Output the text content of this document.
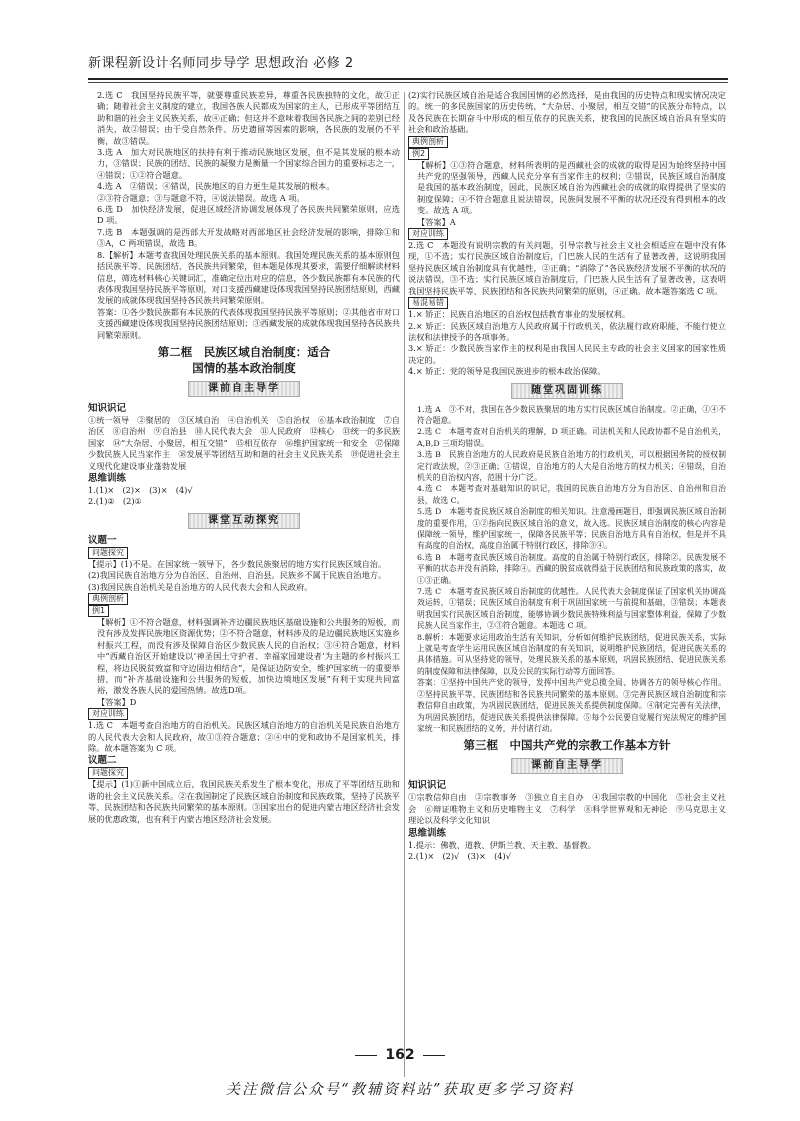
新课程新设计名师同步导学 思想政治 必修 2

2.选 C　我国坚持民族平等，就要尊重民族差异，尊重各民族独特的文化，故①正确；随着社会主义制度的建立，我国各族人民都成为国家的主人，已形成平等团结互助和谐的社会主义民族关系，故④正确；但这并不意味着我国各民族之间的差别已经消失，故②错误；由于受自然条件、历史遗留等因素的影响，各民族的发展仍不平衡，故③错误。

3.选 A　加大对民族地区的扶持有利于推动民族地区发展，但不是其发展的根本动力，③错误；民族的团结、民族的凝聚力是衡量一个国家综合国力的重要标志之一，④错误；①②符合题意。

4.选 A　②错误；④错误，民族地区的自力更生是其发展的根本。

②③符合题意；③与题意不符，④说法错误。故选 A 项。

6.选 D　加快经济发展，促进区域经济协调发展体现了各民族共同繁荣原则，应选 D 项。

7.选 B　本题强调的是西部大开发战略对西部地区社会经济发展的影响，排除①和③A，C 两项错误，故选 B。

8.【解析】本题考查我国处理民族关系的基本原则。我国处理民族关系的基本原则包括民族平等、民族团结、各民族共同繁荣，但本题是体现其要求，需要仔细解读材料信息，筛选材料核心关键词汇，准确定位出对应的信息，各少数民族都有本民族的代表体现我国坚持民族平等原则，对口支援西藏建设体现我国坚持民族团结原则，西藏发展的成就体现我国坚持各民族共同繁荣原则。

答案：①各少数民族都有本民族的代表体现我国坚持民族平等原则；②其他省市对口支援西藏建设体现我国坚持民族团结原则；③西藏发展的成就体现我国坚持各民族共同繁荣原则。

第二框　民族区域自治制度：适合
国情的基本政治制度
课前自主导学
知识识记

①统一领导　②聚居的　③区域自治　④自治机关　⑤自治权　⑥基本政治制度　⑦自治区　⑧自治州　⑨自治县　⑩人民代表大会　⑪人民政府　⑫核心　⑬统一的多民族国家　⑭“大杂居、小聚居，相互交错”　⑮相互依存　⑯维护国家统一和安全　⑰保障少数民族人民当家作主　⑱发展平等团结互助和谐的社会主义民族关系　⑲促进社会主义现代化建设事业蓬勃发展

思维训练

1.(1)×　(2)×　(3)×　(4)√
2.(1)②　(2)①

课堂互动探究
议题一
问题探究

【提示】(1)不是。在国家统一领导下，各少数民族聚居的地方实行民族区域自治。

(2)我国民族自治地方分为自治区、自治州、自治县。民族乡不属于民族自治地方。

(3)我国民族自治机关是自治地方的人民代表大会和人民政府。

典例剖析
例1

【解析】①不符合题意，材料强调补齐边疆民族地区基础设施和公共服务的短板，而没有涉及发挥民族地区资源优势；②不符合题意，材料涉及的是边疆民族地区实施乡村振兴工程，而没有涉及保障自治区少数民族人民的自治权；③④符合题意，材料中“西藏自治区开始建设以‘神圣国土守护者、幸福家园建设者’为主题的乡村振兴工程，将边民脱贫致富和守边固边相结合”，是保证边防安全，维护国家统一的重要举措，而“补齐基础设施和公共服务的短板，加快边境地区发展”有利于实现共同富裕，激发各族人民的爱国热情。故选D项。

【答案】D

对应训练

1.选 C　本题考查自治地方的自治机关。民族区域自治地方的自治机关是民族自治地方的人民代表大会和人民政府，故①③符合题意；②④中的党和政协不是国家机关，排除。故本题答案为 C 项。

议题二
问题探究

【提示】(1)①新中国成立后，我国民族关系发生了根本变化，形成了平等团结互助和谐的社会主义民族关系。②在我国制定了民族区域自治制度和民族政策，坚持了民族平等、民族团结和各民族共同繁荣的基本原则。③国家出台的促进内蒙古地区经济社会发展的优惠政策，也有利于内蒙古地区经济社会发展。

(2)实行民族区域自治是适合我国国情的必然选择，是由我国的历史特点和现实情况决定的。统一的多民族国家的历史传统，“大杂居、小聚居，相互交错”的民族分布特点，以及各民族在长期奋斗中形成的相互依存的民族关系，使我国的民族区域自治具有坚实的社会和政治基础。

典例剖析
例2

【解析】①③符合题意，材料所表明的是西藏社会的成就的取得是因为始终坚持中国共产党的坚强领导，西藏人民充分享有当家作主的权利；②错误，民族区域自治制度是我国的基本政治制度，因此，民族区域自治为西藏社会的成就的取得提供了坚实的制度保障；④不符合题意且说法错误，民族间发展不平衡的状况还没有得到根本的改变。故选 A 项。

【答案】A

对应训练

2.选 C　本题没有说明宗教的有关问题，引导宗教与社会主义社会相适应在题中没有体现，①不选；实行民族区域自治制度后，门巴族人民的生活有了显著改善，这说明我国坚持民族区域自治制度具有优越性，②正确；“消除了”各民族经济发展不平衡的状况的说法错误，③不选；实行民族区域自治制度后，门巴族人民生活有了显著改善，这表明我国坚持民族平等、民族团结和各民族共同繁荣的原则，④正确。故本题答案选 C 项。

易混易错

1.× 矫正：民族自治地区的自治权包括教育事业的发展权利。

2.× 矫正：民族区域自治地方人民政府属于行政机关，依法履行政府职能，不能行使立法权和法律授予的各项事务。

3.× 矫正：少数民族当家作主的权利是由我国人民民主专政的社会主义国家的国家性质决定的。

4.× 矫正：党的领导是我国民族进步的根本政治保障。

随堂巩固训练

1.选 A　③不对，我国在各少数民族聚居的地方实行民族区域自治制度。②正确，①④不符合题意。

2.选 C　本题考查对自治机关的理解，D 项正确。司法机关和人民政协都不是自治机关，A,B,D 三项均错误。

3.选 B　民族自治地方的人民政府是民族自治地方的行政机关，可以根据国务院的授权制定行政法规，②③正确；①错误，自治地方的人大是自治地方的权力机关；④错误，自治机关的自治权内容，范围十分广泛。

4.选 C　本题考查对基础知识的识记，我国的民族自治地方分为自治区、自治州和自治县，故选 C。

5.选 D　本题考查民族区域自治制度的相关知识。注意漫画题目，即强调民族区域自治制度的重要作用，①②指向民族区域自治的意义，故入选。民族区域自治制度的核心内容是保障统一领导，维护国家统一，保障各民族平等；民族自治地方具有自治权，但是并不具有高度的自治权，高度自治属于特别行政区，排除③④。

6.选 B　本题考查民族区域自治制度。高度的自治属于特别行政区，排除②。民族发展不平衡的状态并没有消除，排除④。西藏的脱贫成就得益于民族团结和民族政策的落实，故①③正确。

7.选 C　本题考查民族区域自治制度的优越性。人民代表大会制度保证了国家机关协调高效运转，①错误；民族区域自治制度有利于巩固国家统一与前提和基础，③错误；本题表明我国实行民族区域自治制度，能够协调少数民族特殊利益与国家整体利益，保障了少数民族人民当家作主，②③符合题意。本题选 C 项。

8.解析：本题要求运用政治生活有关知识，分析如何维护民族团结，促进民族关系，实际上就是考查学生运用民族区域自治制度的有关知识，说明维护民族团结，促进民族关系的具体措施。可从坚持党的领导，处理民族关系的基本原则，巩固民族团结、促进民族关系的制度保障和法律保障，以及公民的实际行动等方面回答。

答案：①坚持中国共产党的领导，发挥中国共产党总揽全局、协调各方的领导核心作用。②坚持民族平等、民族团结和各民族共同繁荣的基本原则。③完善民族区域自治制度和宗教信仰自由政策，为巩固民族团结，促进民族关系提供制度保障。④制定完善有关法律，为巩固民族团结，促进民族关系提供法律保障。⑤每个公民要自觉履行宪法规定的维护国家统一和民族团结的义务，并付诸行动。

第三框　中国共产党的宗教工作基本方针
课前自主导学
知识识记

①宗教信仰自由　②宗教事务　③独立自主自办　④我国宗教的中国化　⑤社会主义社会　⑥辩证唯物主义和历史唯物主义　⑦科学　⑧科学世界观和无神论　⑨马克思主义理论以及科学文化知识

思维训练

1.提示：佛教、道教、伊斯兰教、天主教、基督教。

2.(1)×　(2)√　(3)×　(4)√

162
关注微信公众号“教辅资料站”获取更多学习资料
